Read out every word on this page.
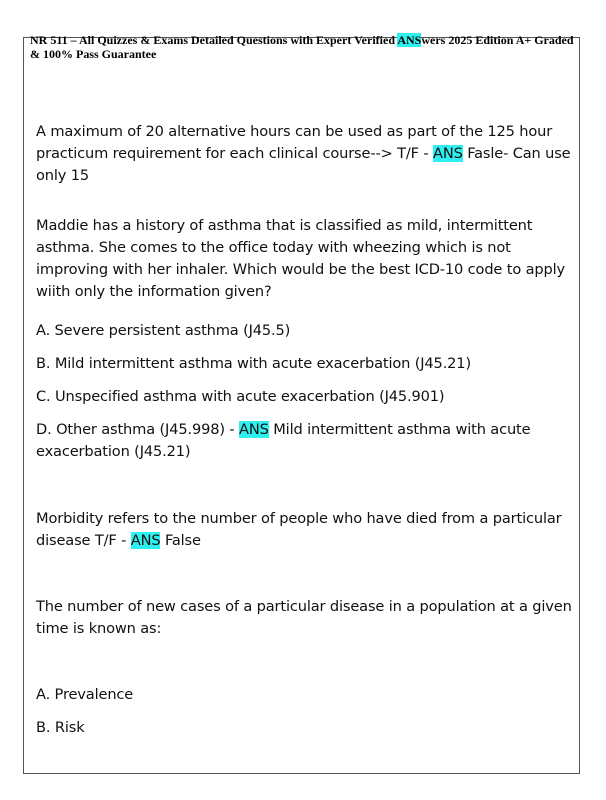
NR 511 – All Quizzes & Exams Detailed Questions with Expert Verified ANSwers 2025 Edition A+ Graded & 100% Pass Guarantee
A maximum of 20 alternative hours can be used as part of the 125 hour practicum requirement for each clinical course--> T/F - ANS Fasle- Can use only 15
Maddie has a history of asthma that is classified as mild, intermittent asthma. She comes to the office today with wheezing which is not improving with her inhaler. Which would be the best ICD-10 code to apply wiith only the information given?
A. Severe persistent asthma (J45.5)
B. Mild intermittent asthma with acute exacerbation (J45.21)
C. Unspecified asthma with acute exacerbation (J45.901)
D. Other asthma (J45.998) - ANS Mild intermittent asthma with acute exacerbation (J45.21)
Morbidity refers to the number of people who have died from a particular disease T/F - ANS False
The number of new cases of a particular disease in a population at a given time is known as:
A. Prevalence
B. Risk
